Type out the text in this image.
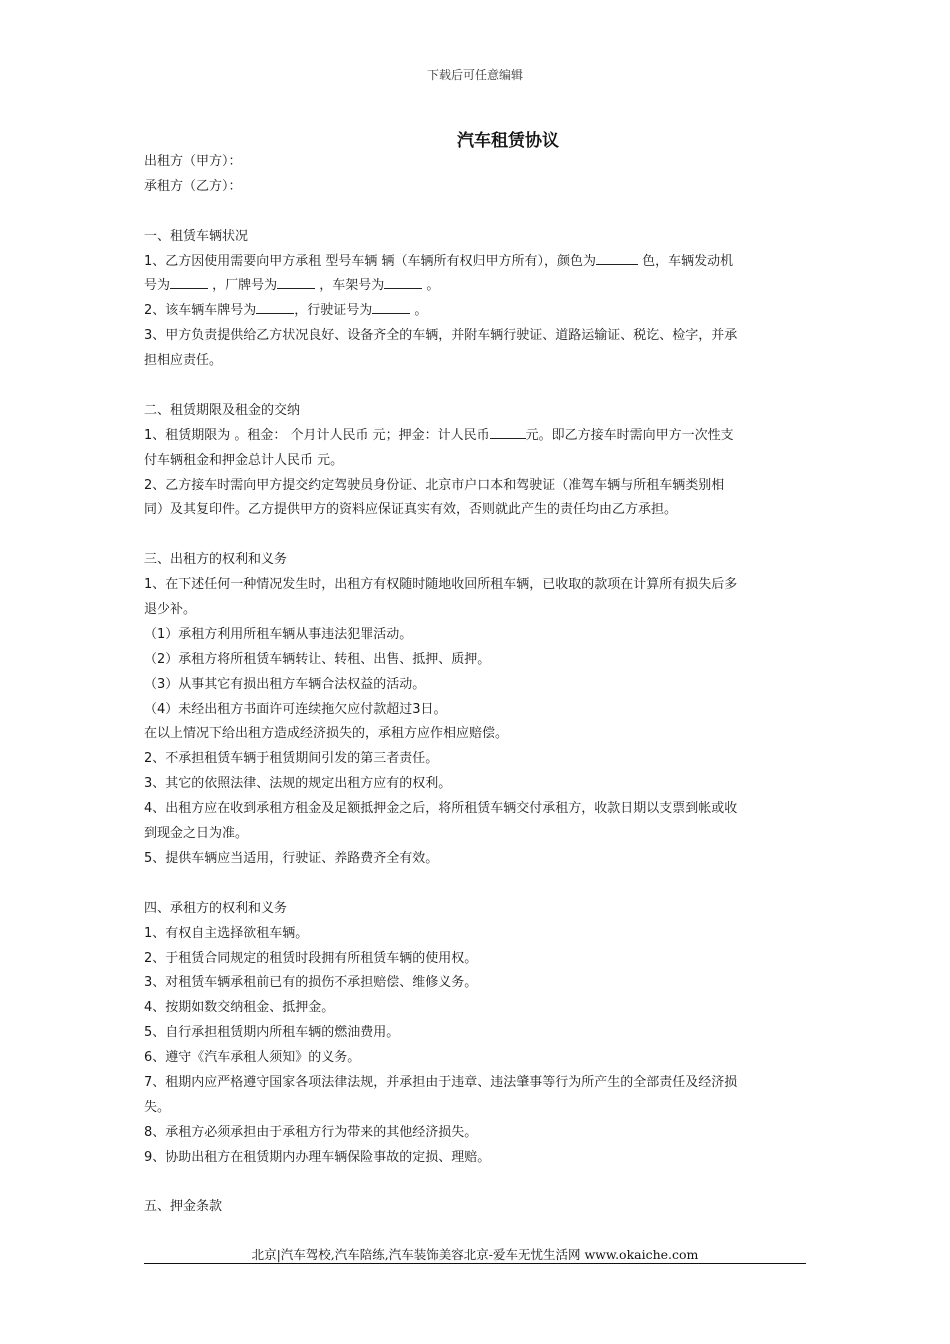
下载后可任意编辑
汽车租赁协议
出租方（甲方）：
承租方（乙方）：
一、租赁车辆状况
1、乙方因使用需要向甲方承租 型号车辆 辆（车辆所有权归甲方所有），颜色为	色，车辆发动机
号为	，厂牌号为	，车架号为	。
2、该车辆车牌号为	，行驶证号为	。
3、甲方负责提供给乙方状况良好、设备齐全的车辆，并附车辆行驶证、道路运输证、税讫、检字，并承
担相应责任。
二、租赁期限及租金的交纳
1、租赁期限为 。租金： 个月计人民币 元；押金：计人民币	元。即乙方接车时需向甲方一次性支
付车辆租金和押金总计人民币 元。
2、乙方接车时需向甲方提交约定驾驶员身份证、北京市户口本和驾驶证（准驾车辆与所租车辆类别相
同）及其复印件。乙方提供甲方的资料应保证真实有效，否则就此产生的责任均由乙方承担。
三、出租方的权利和义务
1、在下述任何一种情况发生时，出租方有权随时随地收回所租车辆，已收取的款项在计算所有损失后多
退少补。
（1）承租方利用所租车辆从事违法犯罪活动。
（2）承租方将所租赁车辆转让、转租、出售、抵押、质押。
（3）从事其它有损出租方车辆合法权益的活动。
（4）未经出租方书面许可连续拖欠应付款超过3日。
在以上情况下给出租方造成经济损失的，承租方应作相应赔偿。
2、不承担租赁车辆于租赁期间引发的第三者责任。
3、其它的依照法律、法规的规定出租方应有的权利。
4、出租方应在收到承租方租金及足额抵押金之后，将所租赁车辆交付承租方，收款日期以支票到帐或收
到现金之日为准。
5、提供车辆应当适用，行驶证、养路费齐全有效。
四、承租方的权利和义务
1、有权自主选择欲租车辆。
2、于租赁合同规定的租赁时段拥有所租赁车辆的使用权。
3、对租赁车辆承租前已有的损伤不承担赔偿、维修义务。
4、按期如数交纳租金、抵押金。
5、自行承担租赁期内所租车辆的燃油费用。
6、遵守《汽车承租人须知》的义务。
7、租期内应严格遵守国家各项法律法规，并承担由于违章、违法肇事等行为所产生的全部责任及经济损
失。
8、承租方必须承担由于承租方行为带来的其他经济损失。
9、协助出租方在租赁期内办理车辆保险事故的定损、理赔。
五、押金条款
北京|汽车驾校,汽车陪练,汽车装饰美容北京-爱车无忧生活网 www.okaiche.com
